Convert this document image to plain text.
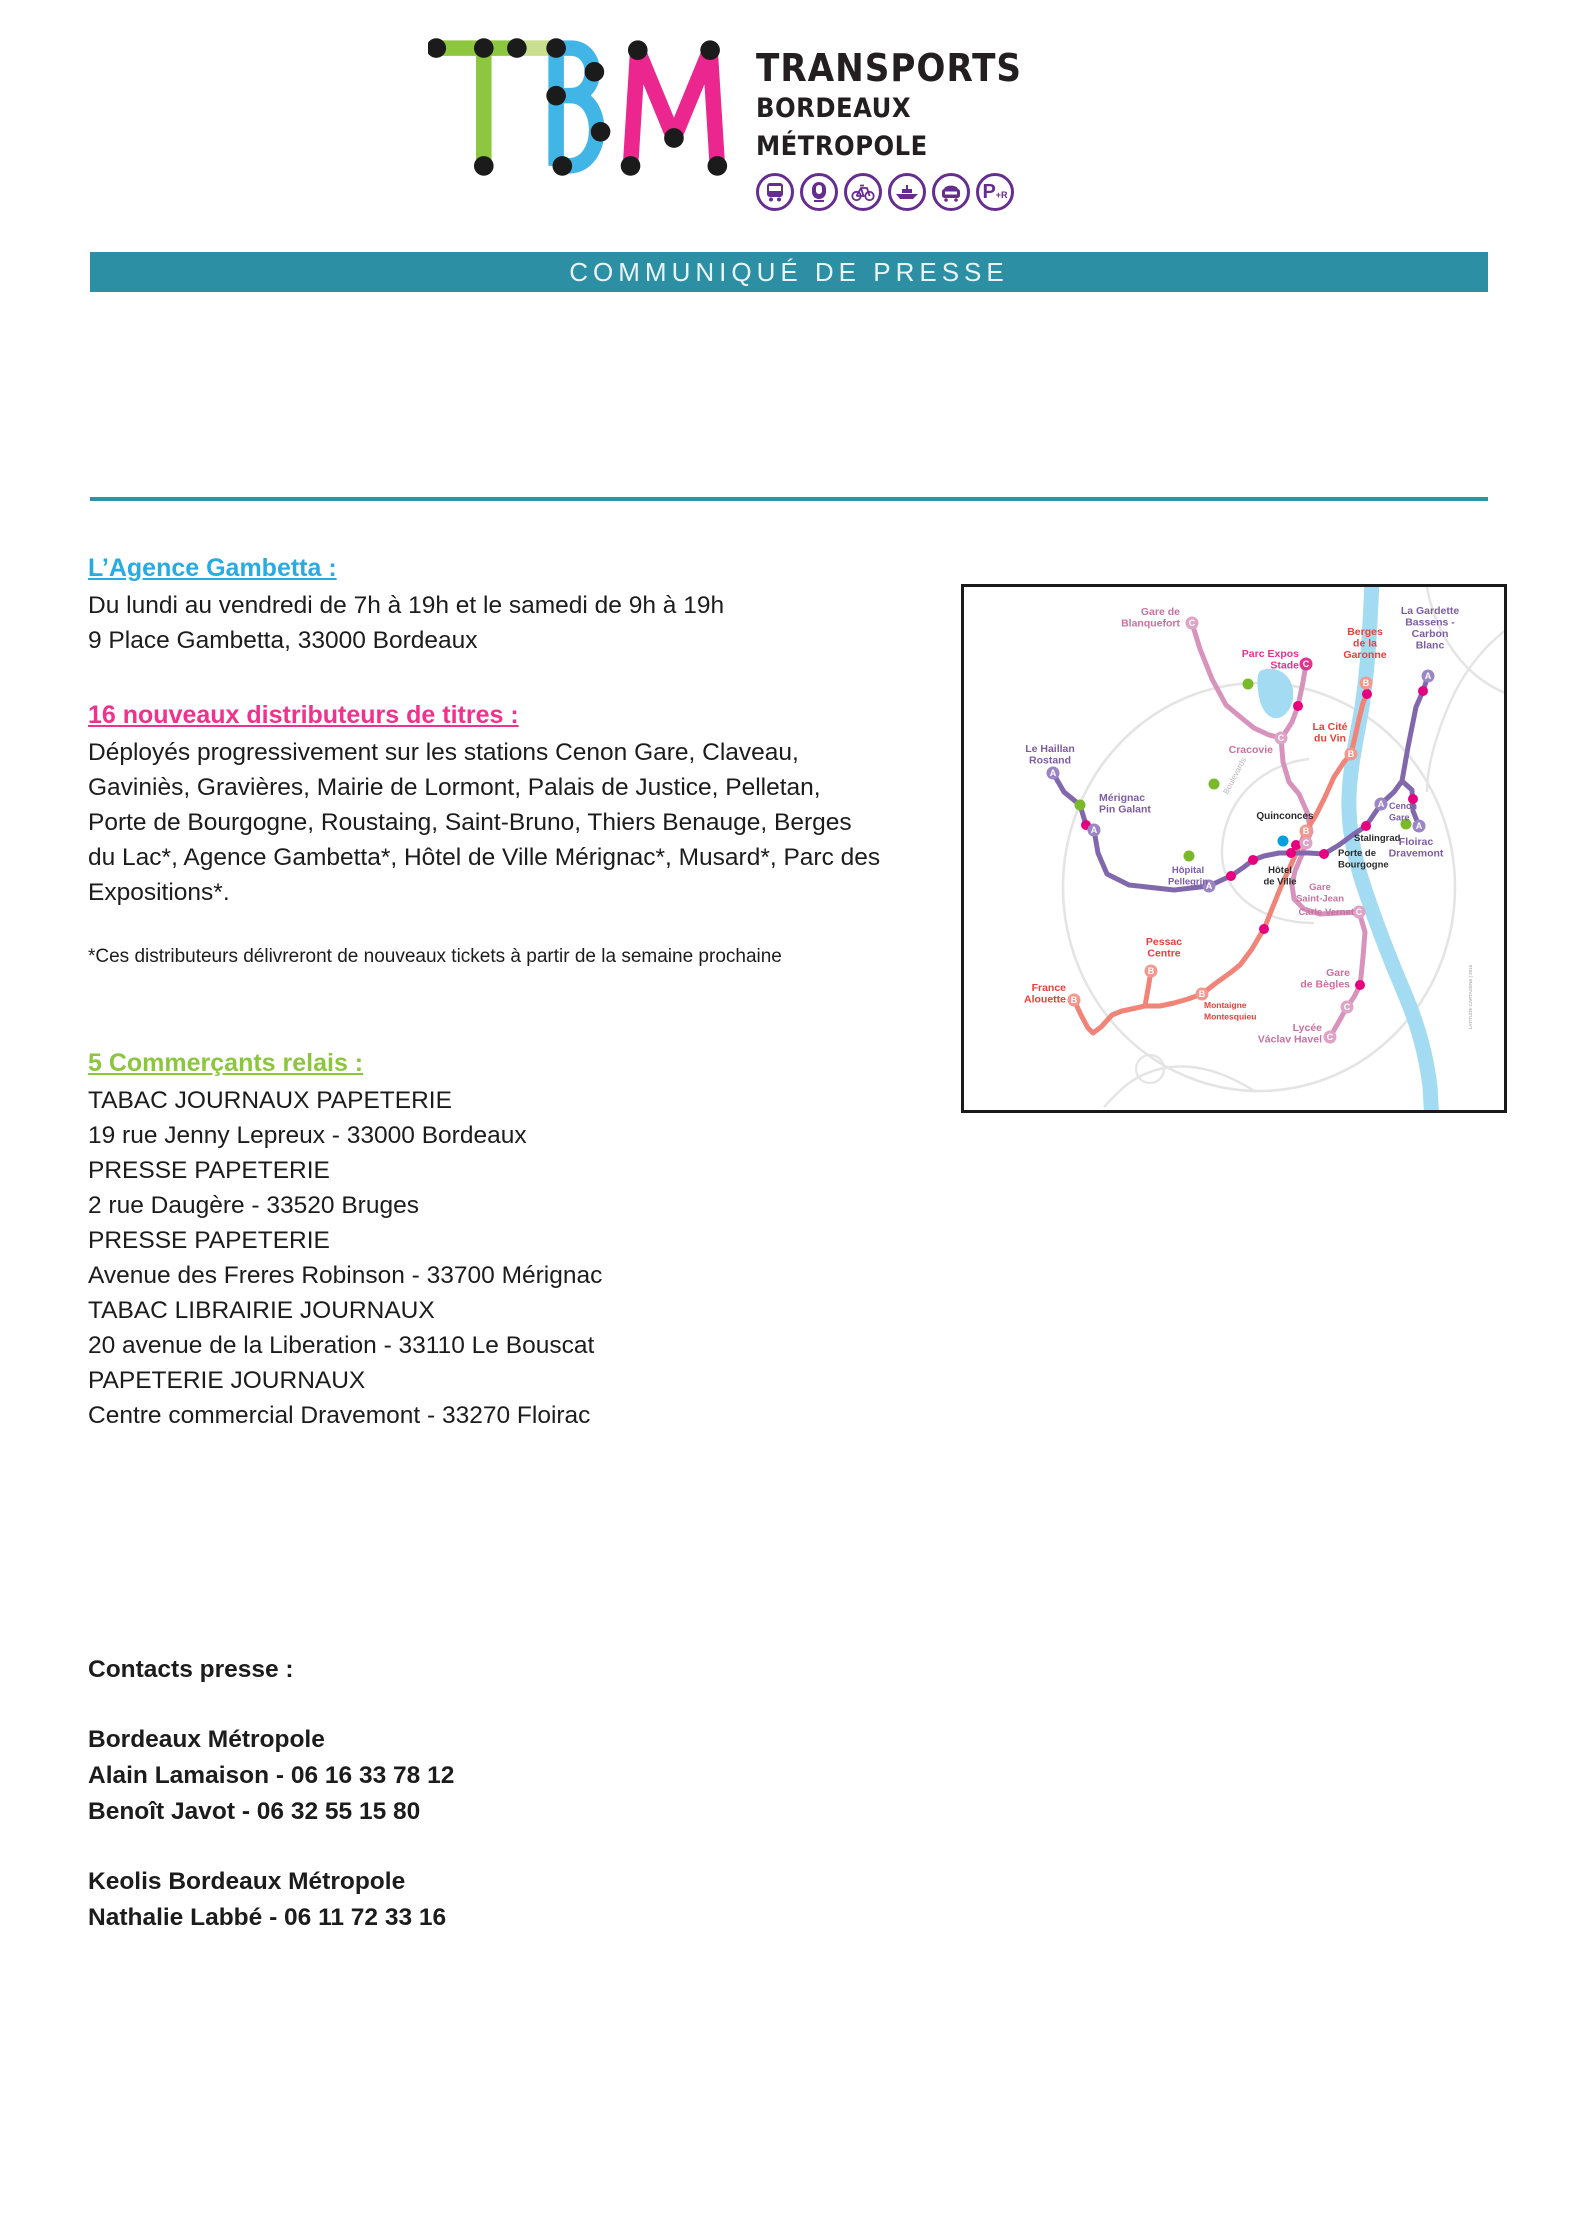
TRANSPORTS
BORDEAUX MÉTROPOLE
P+R
COMMUNIQUÉ DE PRESSE
L’Agence Gambetta :
Du lundi au vendredi de 7h à 19h et le samedi de 9h à 19h
9 Place Gambetta, 33000 Bordeaux
16 nouveaux distributeurs de titres :
Déployés progressivement sur les stations Cenon Gare, Claveau, Gaviniès, Gravières, Mairie de Lormont, Palais de Justice, Pelletan, Porte de Bourgogne, Roustaing, Saint-Bruno, Thiers Benauge, Berges du Lac*, Agence Gambetta*, Hôtel de Ville Mérignac*, Musard*, Parc des Expositions*.
*Ces distributeurs délivreront de nouveaux tickets à partir de la semaine prochaine
5 Commerçants relais :
TABAC JOURNAUX PAPETERIE
19 rue Jenny Lepreux - 33000 Bordeaux
PRESSE PAPETERIE
2 rue Daugère - 33520 Bruges
PRESSE PAPETERIE
Avenue des Freres Robinson - 33700 Mérignac
TABAC LIBRAIRIE JOURNAUX
20 avenue de la Liberation - 33110 Le Bouscat
PAPETERIE JOURNAUX
Centre commercial Dravemont - 33270 Floirac
Contacts presse :
Bordeaux Métropole
Alain Lamaison - 06 16 33 78 12
Benoît Javot - 06 32 55 15 80
Keolis Bordeaux Métropole
Nathalie Labbé - 06 11 72 33 16
C
C
C
C
C
C
C
B
B
B
B
B
B
A
A
A
A
A
A
Gare de Blanquefort
Parc Expos Stade
Berges de la Garonne
La Gardette Bassens -Carbon Blanc
La Cité du Vin
Cracovie
Le Haillan Rostand
Mérignac Pin Galant
Quinconces
Cenon Gare
Stalingrad
Porte de Bourgogne
Hôtel de Ville
Hôpital Pellegrin	Gare Saint-Jean
Carle Vernet
Floirac Dravemont
Pessac Centre
France Alouette	Montaigne Montesquieu
Gare de Bègles
Lycée Václav Havel
Boulevards
LATITUDE-CARTAGÈNE | 2016
